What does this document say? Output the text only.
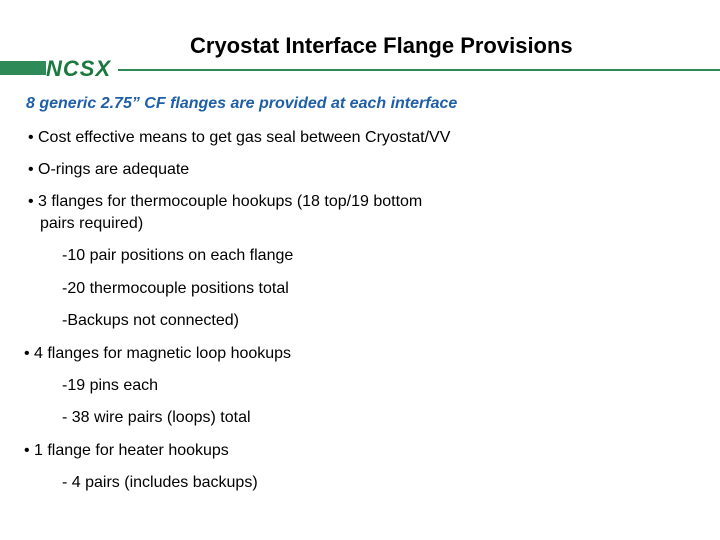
NCSX
Cryostat Interface Flange Provisions
8 generic 2.75” CF flanges are provided at each interface
• Cost effective means to get gas seal between Cryostat/VV
• O-rings are adequate
• 3 flanges for thermocouple hookups (18 top/19 bottom
pairs required)
-10 pair positions on each flange
-20 thermocouple positions total
-Backups not connected)
• 4 flanges for magnetic loop hookups
-19 pins each
- 38 wire pairs (loops) total
• 1 flange for heater hookups
- 4 pairs (includes backups)
